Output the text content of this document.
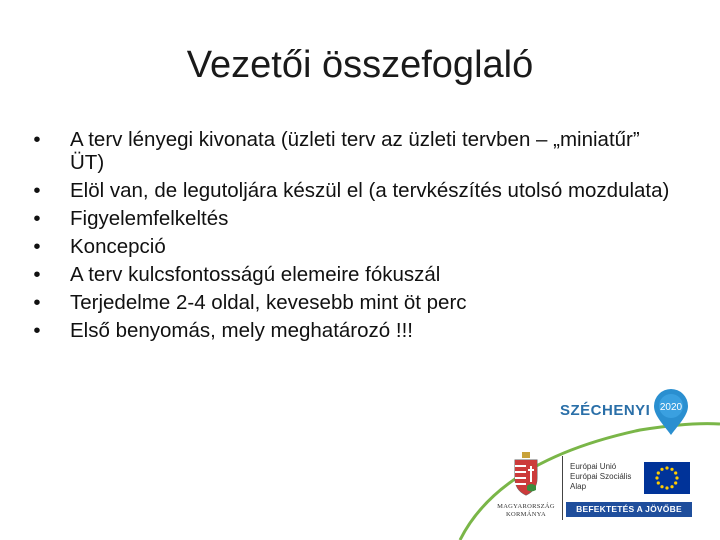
Vezetői összefoglaló
• A terv lényegi kivonata (üzleti terv az üzleti tervben – „miniatűr” ÜT)
• Elöl van, de legutoljára készül el (a tervkészítés utolsó mozdulata)
• Figyelemfelkeltés
• Koncepció
• A terv kulcsfontosságú elemeire fókuszál
• Terjedelme 2-4 oldal, kevesebb mint öt perc
• Első benyomás, mely meghatározó !!!
SZÉCHENYI 2020
MAGYARORSZÁG
KORMÁNYA
Európai Unió
Európai Szociális
Alap
BEFEKTETÉS A JÖVŐBE
